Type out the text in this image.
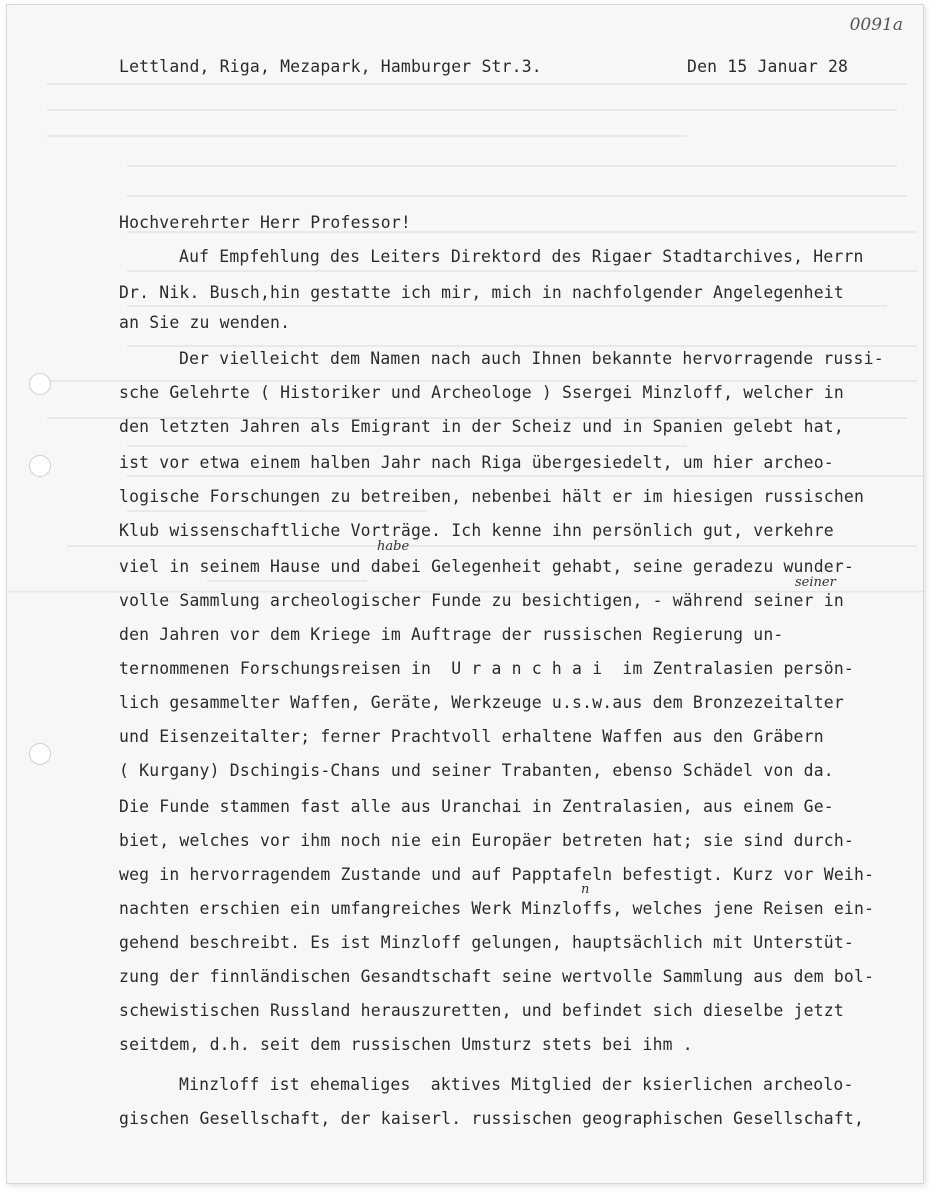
0091a
Lettland, Riga, Mezapark, Hamburger Str.3.	Den 15 Januar 28
Hochverehrter Herr Professor!
Auf Empfehlung des Leiters Direktord des Rigaer Stadtarchives, Herrn
Dr. Nik. Busch,hin gestatte ich mir, mich in nachfolgender Angelegenheit
an Sie zu wenden.
Der vielleicht dem Namen nach auch Ihnen bekannte hervorragende russi-
sche Gelehrte ( Historiker und Archeologe ) Ssergei Minzloff, welcher in
den letzten Jahren als Emigrant in der Scheiz und in Spanien gelebt hat,
ist vor etwa einem halben Jahr nach Riga übergesiedelt, um hier archeo-
logische Forschungen zu betreiben, nebenbei hält er im hiesigen russischen
Klub wissenschaftliche Vorträge. Ich kenne ihn persönlich gut, verkehre
viel in seinem Hause und dabei Gelegenheit gehabt, seine geradezu wunder-
volle Sammlung archeologischer Funde zu besichtigen, - während seiner in
den Jahren vor dem Kriege im Auftrage der russischen Regierung un-
ternommenen Forschungsreisen in  U r a n c h a i  im Zentralasien persön-
lich gesammelter Waffen, Geräte, Werkzeuge u.s.w.aus dem Bronzezeitalter
und Eisenzeitalter; ferner Prachtvoll erhaltene Waffen aus den Gräbern
( Kurgany) Dschingis-Chans und seiner Trabanten, ebenso Schädel von da.
Die Funde stammen fast alle aus Uranchai in Zentralasien, aus einem Ge-
biet, welches vor ihm noch nie ein Europäer betreten hat; sie sind durch-
weg in hervorragendem Zustande und auf Papptafeln befestigt. Kurz vor Weih-
nachten erschien ein umfangreiches Werk Minzloffs, welches jene Reisen ein-
gehend beschreibt. Es ist Minzloff gelungen, hauptsächlich mit Unterstüt-
zung der finnländischen Gesandtschaft seine wertvolle Sammlung aus dem bol-
schewistischen Russland herauszuretten, und befindet sich dieselbe jetzt
seitdem, d.h. seit dem russischen Umsturz stets bei ihm .
Minzloff ist ehemaliges  aktives Mitglied der ksierlichen archeolo-
gischen Gesellschaft, der kaiserl. russischen geographischen Gesellschaft,
habe
seiner
n
